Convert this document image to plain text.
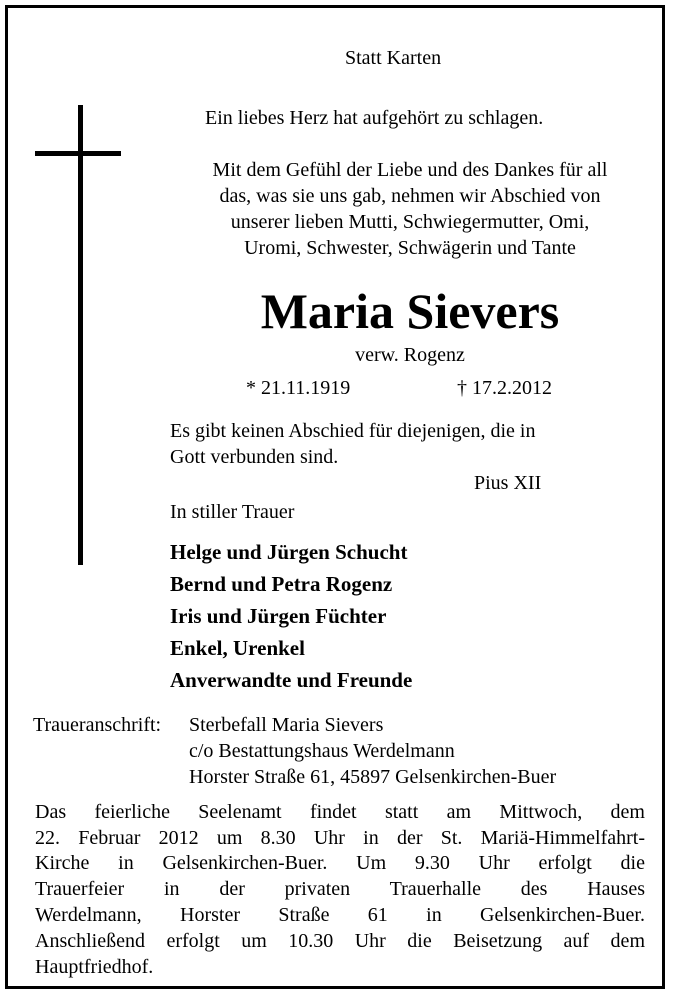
Statt Karten
Ein liebes Herz hat aufgehört zu schlagen.
Mit dem Gefühl der Liebe und des Dankes für all
das, was sie uns gab, nehmen wir Abschied von
unserer lieben Mutti, Schwiegermutter, Omi,
Uromi, Schwester, Schwägerin und Tante
Maria Sievers
verw. Rogenz
* 21.11.1919	† 17.2.2012
Es gibt keinen Abschied für diejenigen, die in
Gott verbunden sind.
Pius XII
In stiller Trauer
Helge und Jürgen Schucht
Bernd und Petra Rogenz
Iris und Jürgen Füchter
Enkel, Urenkel
Anverwandte und Freunde
Traueranschrift: Sterbefall Maria Sievers
c/o Bestattungshaus Werdelmann
Horster Straße 61, 45897 Gelsenkirchen-Buer
Das feierliche Seelenamt findet statt am Mittwoch, dem
22. Februar 2012 um 8.30 Uhr in der St. Mariä-Himmelfahrt-
Kirche in Gelsenkirchen-Buer. Um 9.30 Uhr erfolgt die
Trauerfeier in der privaten Trauerhalle des Hauses
Werdelmann, Horster Straße 61 in Gelsenkirchen-Buer.
Anschließend erfolgt um 10.30 Uhr die Beisetzung auf dem
Hauptfriedhof.
